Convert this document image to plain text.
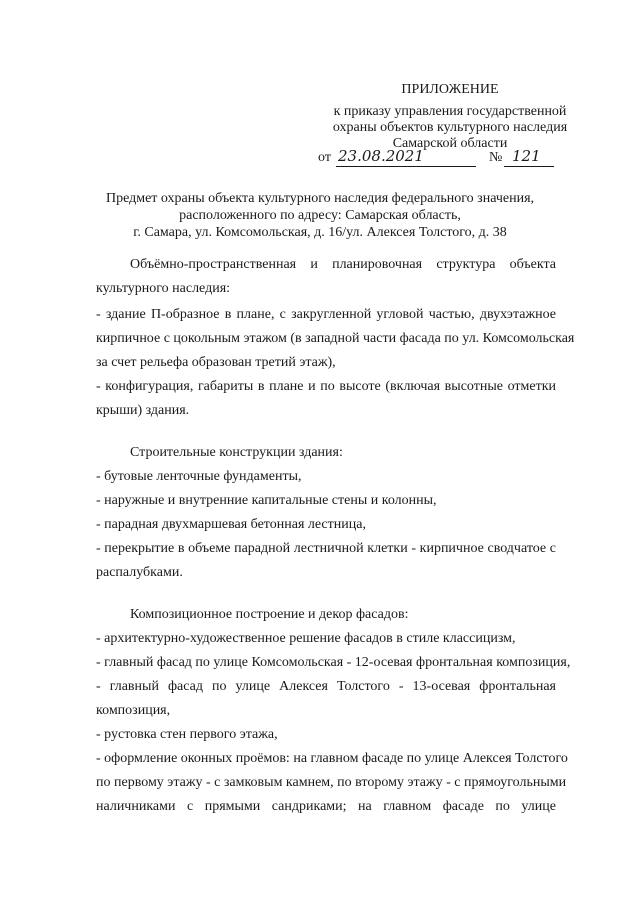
ПРИЛОЖЕНИЕ
к приказу управления государственной
охраны объектов культурного наследия
Самарской области
от 23.08.2021	№ 121
Предмет охраны объекта культурного наследия федерального значения,
расположенного по адресу: Самарская область,
г. Самара, ул. Комсомольская, д. 16/ул. Алексея Толстого, д. 38
Объёмно-пространственная и планировочная структура объекта
культурного наследия:
- здание П-образное в плане, с закругленной угловой частью, двухэтажное
кирпичное с цокольным этажом (в западной части фасада по ул. Комсомольская
за счет рельефа образован третий этаж),
- конфигурация, габариты в плане и по высоте (включая высотные отметки
крыши) здания.
Строительные конструкции здания:
- бутовые ленточные фундаменты,
- наружные и внутренние капитальные стены и колонны,
- парадная двухмаршевая бетонная лестница,
- перекрытие в объеме парадной лестничной клетки - кирпичное сводчатое с
распалубками.
Композиционное построение и декор фасадов:
- архитектурно-художественное решение фасадов в стиле классицизм,
- главный фасад по улице Комсомольская - 12-осевая фронтальная композиция,
- главный фасад по улице Алексея Толстого - 13-осевая фронтальная
композиция,
- рустовка стен первого этажа,
- оформление оконных проёмов: на главном фасаде по улице Алексея Толстого
по первому этажу - с замковым камнем, по второму этажу - с прямоугольными
наличниками с прямыми сандриками; на главном фасаде по улице
